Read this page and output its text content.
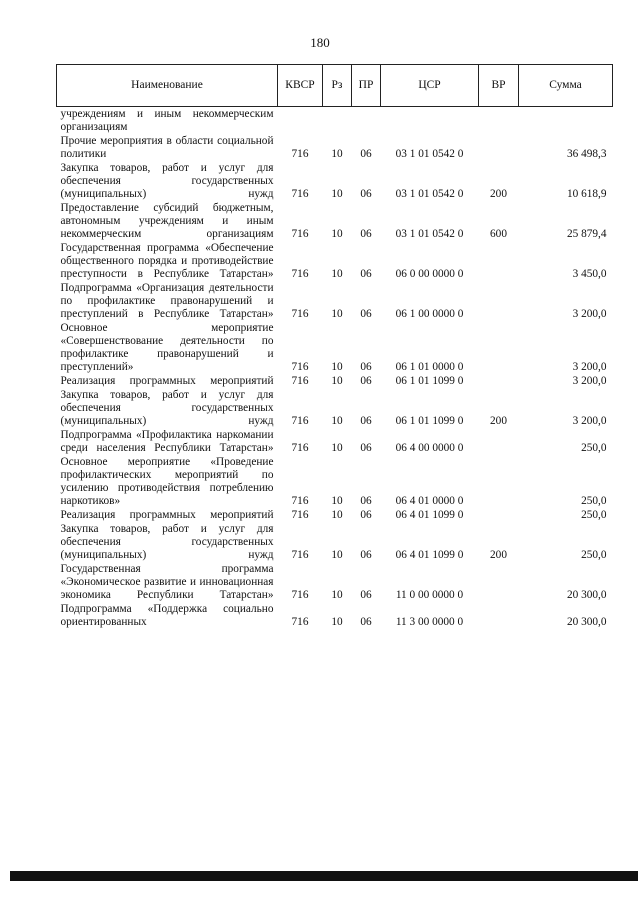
180
Наименование	КВСР	Рз	ПР	ЦСР	ВР	Сумма
учреждениям и иным некоммерческим организациям						
Прочие мероприятия в области социальной политики	716	10	06	03 1 01 0542 0		36 498,3
Закупка товаров, работ и услуг для обеспечения государственных (муниципальных) нужд	716	10	06	03 1 01 0542 0	200	10 618,9
Предоставление субсидий бюджетным, автономным учреждениям и иным некоммерческим организациям	716	10	06	03 1 01 0542 0	600	25 879,4
Государственная программа «Обеспечение общественного порядка и противодействие преступности в Республике Татарстан»	716	10	06	06 0 00 0000 0		3 450,0
Подпрограмма «Организация деятельности по профилактике правонарушений и преступлений в Республике Татарстан»	716	10	06	06 1 00 0000 0		3 200,0
Основное мероприятие «Совершенствование деятельности по профилактике правонарушений и преступлений»	716	10	06	06 1 01 0000 0		3 200,0
Реализация программных мероприятий	716	10	06	06 1 01 1099 0		3 200,0
Закупка товаров, работ и услуг для обеспечения государственных (муниципальных) нужд	716	10	06	06 1 01 1099 0	200	3 200,0
Подпрограмма «Профилактика наркомании среди населения Республики Татарстан»	716	10	06	06 4 00 0000 0		250,0
Основное мероприятие «Проведение профилактических мероприятий по усилению противодействия потреблению наркотиков»	716	10	06	06 4 01 0000 0		250,0
Реализация программных мероприятий	716	10	06	06 4 01 1099 0		250,0
Закупка товаров, работ и услуг для обеспечения государственных (муниципальных) нужд	716	10	06	06 4 01 1099 0	200	250,0
Государственная программа «Экономическое развитие и инновационная экономика Республики Татарстан»	716	10	06	11 0 00 0000 0		20 300,0
Подпрограмма «Поддержка социально ориентированных	716	10	06	11 3 00 0000 0		20 300,0
